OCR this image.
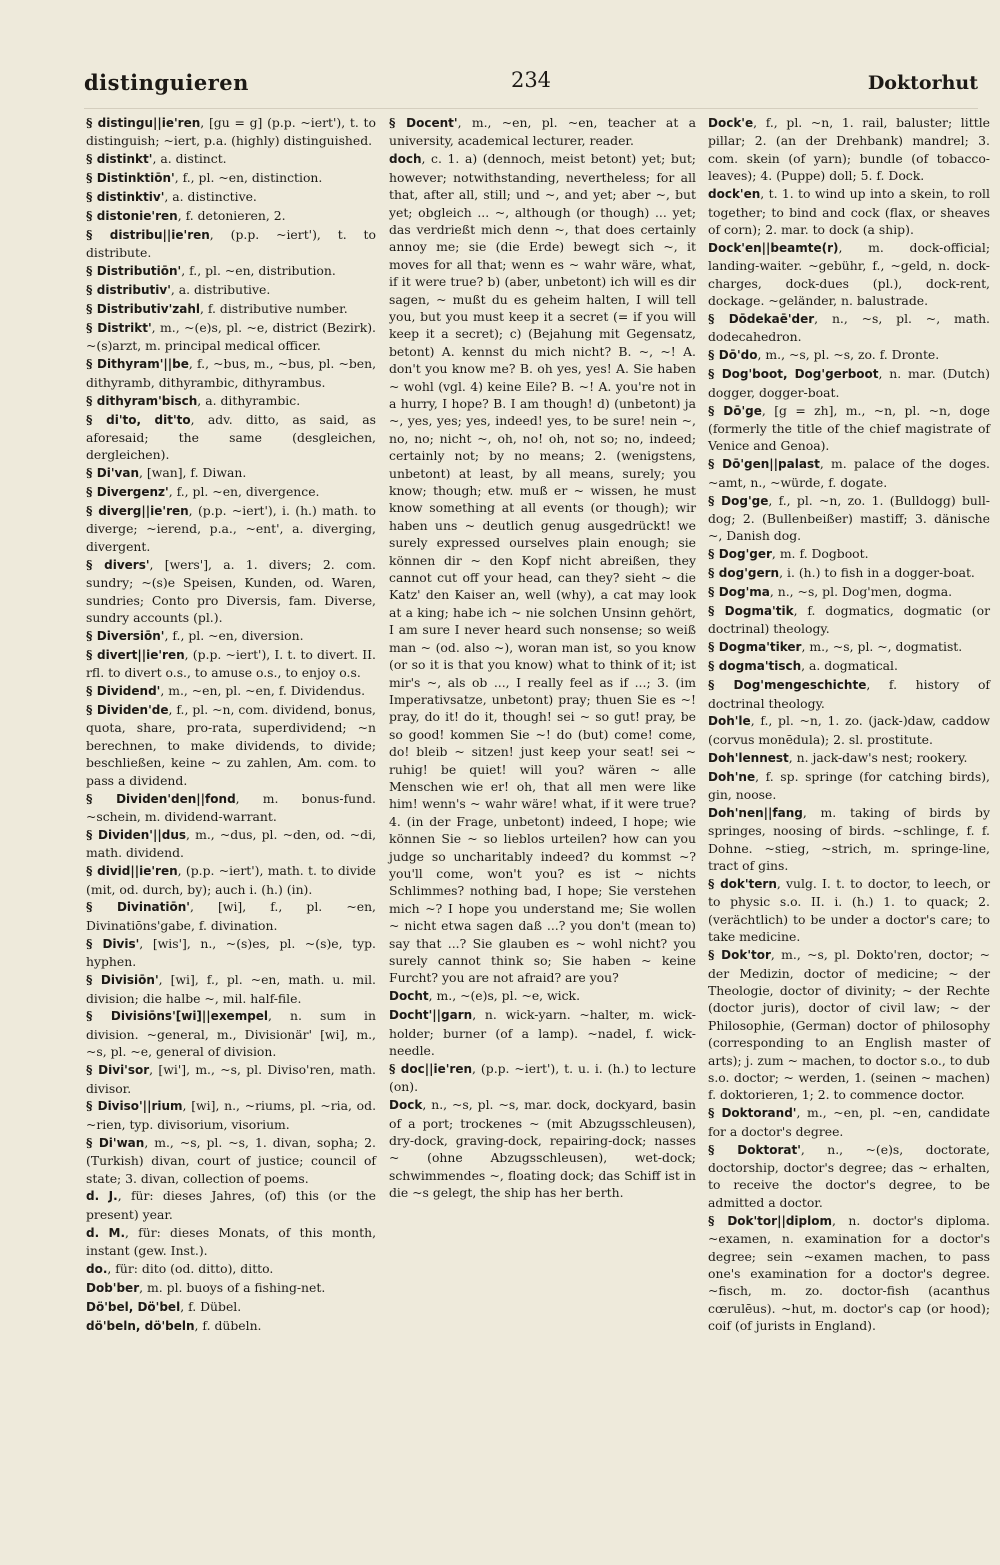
distinguieren	234	Doktorhut
§ distingu||ie'ren, [gu = g] (p.p. ~iert'), t. to distinguish; ~iert, p.a. (highly) distinguished.
§ distinkt', a. distinct.
§ Distinktiōn', f., pl. ~en, distinction.
§ distinktiv', a. distinctive.
§ distonie'ren, f. detonieren, 2.
§ distribu||ie'ren, (p.p. ~iert'), t. to distribute.
§ Distributiōn', f., pl. ~en, distribution.
§ distributiv', a. distributive.
§ Distributiv'zahl, f. distributive number.
§ Distrikt', m., ~(e)s, pl. ~e, district (Bezirk). ~(s)arzt, m. principal medical officer.
§ Dithyram'||be, f., ~bus, m., ~bus, pl. ~ben, dithyramb, dithyrambic, dithyrambus.
§ dithyram'bisch, a. dithyrambic.
§ di'to, dit'to, adv. ditto, as said, as aforesaid; the same (desgleichen, dergleichen).
§ Di'van, [wan], f. Diwan.
§ Divergenz', f., pl. ~en, divergence.
§ diverg||ie'ren, (p.p. ~iert'), i. (h.) math. to diverge; ~ierend, p.a., ~ent', a. diverging, divergent.
§ divers', [wers'], a. 1. divers; 2. com. sundry; ~(s)e Speisen, Kunden, od. Waren, sundries; Conto pro Diversis, fam. Diverse, sundry accounts (pl.).
§ Diversiōn', f., pl. ~en, diversion.
§ divert||ie'ren, (p.p. ~iert'), I. t. to divert. II. rfl. to divert o.s., to amuse o.s., to enjoy o.s.
§ Dividend', m., ~en, pl. ~en, f. Dividendus.
§ Dividen'de, f., pl. ~n, com. dividend, bonus, quota, share, pro-rata, superdividend; ~n berechnen, to make dividends, to divide; beschließen, keine ~ zu zahlen, Am. com. to pass a dividend.
§ Dividen'den||fond, m. bonus-fund. ~schein, m. dividend-warrant.
§ Dividen'||dus, m., ~dus, pl. ~den, od. ~di, math. dividend.
§ divid||ie'ren, (p.p. ~iert'), math. t. to divide (mit, od. durch, by); auch i. (h.) (in).
§ Divinatiōn', [wi], f., pl. ~en, Divinatiōns'gabe, f. divination.
§ Divis', [wis'], n., ~(s)es, pl. ~(s)e, typ. hyphen.
§ Divisiōn', [wi], f., pl. ~en, math. u. mil. division; die halbe ~, mil. half-file.
§ Divisiōns'[wi]||exempel, n. sum in division. ~general, m., Divisionär' [wi], m., ~s, pl. ~e, general of division.
§ Divi'sor, [wi'], m., ~s, pl. Diviso'ren, math. divisor.
§ Diviso'||rium, [wi], n., ~riums, pl. ~ria, od. ~rien, typ. divisorium, visorium.
§ Di'wan, m., ~s, pl. ~s, 1. divan, sopha; 2. (Turkish) divan, court of justice; council of state; 3. divan, collection of poems.
d. J., für: dieses Jahres, (of) this (or the present) year.
d. M., für: dieses Monats, of this month, instant (gew. Inst.).
do., für: dito (od. ditto), ditto.
Dob'ber, m. pl. buoys of a fishing-net.
Dö'bel, Dö'bel, f. Dübel.
dö'beln, dö'beln, f. dübeln.
§ Docent', m., ~en, pl. ~en, teacher at a university, academical lecturer, reader.
doch, c. 1. a) (dennoch, meist betont) yet; but; however; notwithstanding, nevertheless; for all that, after all, still; und ~, and yet; aber ~, but yet; obgleich ... ~, although (or though) ... yet; das verdrießt mich denn ~, that does certainly annoy me; sie (die Erde) bewegt sich ~, it moves for all that; wenn es ~ wahr wäre, what, if it were true? b) (aber, unbetont) ich will es dir sagen, ~ mußt du es geheim halten, I will tell you, but you must keep it a secret (= if you will keep it a secret); c) (Bejahung mit Gegensatz, betont) A. kennst du mich nicht? B. ~, ~! A. don't you know me? B. oh yes, yes! A. Sie haben ~ wohl (vgl. 4) keine Eile? B. ~! A. you're not in a hurry, I hope? B. I am though! d) (unbetont) ja ~, yes, yes; yes, indeed! yes, to be sure! nein ~, no, no; nicht ~, oh, no! oh, not so; no, indeed; certainly not; by no means; 2. (wenigstens, unbetont) at least, by all means, surely; you know; though; etw. muß er ~ wissen, he must know something at all events (or though); wir haben uns ~ deutlich genug ausgedrückt! we surely expressed ourselves plain enough; sie können dir ~ den Kopf nicht abreißen, they cannot cut off your head, can they? sieht ~ die Katz' den Kaiser an, well (why), a cat may look at a king; habe ich ~ nie solchen Unsinn gehört, I am sure I never heard such nonsense; so weiß man ~ (od. also ~), woran man ist, so you know (or so it is that you know) what to think of it; ist mir's ~, als ob ..., I really feel as if ...; 3. (im Imperativsatze, unbetont) pray; thuen Sie es ~! pray, do it! do it, though! sei ~ so gut! pray, be so good! kommen Sie ~! do (but) come! come, do! bleib ~ sitzen! just keep your seat! sei ~ ruhig! be quiet! will you? wären ~ alle Menschen wie er! oh, that all men were like him! wenn's ~ wahr wäre! what, if it were true? 4. (in der Frage, unbetont) indeed, I hope; wie können Sie ~ so lieblos urteilen? how can you judge so uncharitably indeed? du kommst ~? you'll come, won't you? es ist ~ nichts Schlimmes? nothing bad, I hope; Sie verstehen mich ~? I hope you understand me; Sie wollen ~ nicht etwa sagen daß ...? you don't (mean to) say that ...? Sie glauben es ~ wohl nicht? you surely cannot think so; Sie haben ~ keine Furcht? you are not afraid? are you?
Docht, m., ~(e)s, pl. ~e, wick.
Docht'||garn, n. wick-yarn. ~halter, m. wick-holder; burner (of a lamp). ~nadel, f. wick-needle.
§ doc||ie'ren, (p.p. ~iert'), t. u. i. (h.) to lecture (on).
Dock, n., ~s, pl. ~s, mar. dock, dockyard, basin of a port; trockenes ~ (mit Abzugsschleusen), dry-dock, graving-dock, repairing-dock; nasses ~ (ohne Abzugsschleusen), wet-dock; schwimmendes ~, floating dock; das Schiff ist in die ~s gelegt, the ship has her berth.
Dock'e, f., pl. ~n, 1. rail, baluster; little pillar; 2. (an der Drehbank) mandrel; 3. com. skein (of yarn); bundle (of tobacco-leaves); 4. (Puppe) doll; 5. f. Dock.
dock'en, t. 1. to wind up into a skein, to roll together; to bind and cock (flax, or sheaves of corn); 2. mar. to dock (a ship).
Dock'en||beamte(r), m. dock-official; landing-waiter. ~gebühr, f., ~geld, n. dock-charges, dock-dues (pl.), dock-rent, dockage. ~geländer, n. balustrade.
§ Dōdekaē'der, n., ~s, pl. ~, math. dodecahedron.
§ Dō'do, m., ~s, pl. ~s, zo. f. Dronte.
§ Dog'boot, Dog'gerboot, n. mar. (Dutch) dogger, dogger-boat.
§ Dō'ge, [g = zh], m., ~n, pl. ~n, doge (formerly the title of the chief magistrate of Venice and Genoa).
§ Dō'gen||palast, m. palace of the doges. ~amt, n., ~würde, f. dogate.
§ Dog'ge, f., pl. ~n, zo. 1. (Bulldogg) bull-dog; 2. (Bullenbeißer) mastiff; 3. dänische ~, Danish dog.
§ Dog'ger, m. f. Dogboot.
§ dog'gern, i. (h.) to fish in a dogger-boat.
§ Dog'ma, n., ~s, pl. Dog'men, dogma.
§ Dogma'tik, f. dogmatics, dogmatic (or doctrinal) theology.
§ Dogma'tiker, m., ~s, pl. ~, dogmatist.
§ dogma'tisch, a. dogmatical.
§ Dog'mengeschichte, f. history of doctrinal theology.
Doh'le, f., pl. ~n, 1. zo. (jack-)daw, caddow (corvus monēdula); 2. sl. prostitute.
Doh'lennest, n. jack-daw's nest; rookery.
Doh'ne, f. sp. springe (for catching birds), gin, noose.
Doh'nen||fang, m. taking of birds by springes, noosing of birds. ~schlinge, f. f. Dohne. ~stieg, ~strich, m. springe-line, tract of gins.
§ dok'tern, vulg. I. t. to doctor, to leech, or to physic s.o. II. i. (h.) 1. to quack; 2. (verächtlich) to be under a doctor's care; to take medicine.
§ Dok'tor, m., ~s, pl. Dokto'ren, doctor; ~ der Medizin, doctor of medicine; ~ der Theologie, doctor of divinity; ~ der Rechte (doctor juris), doctor of civil law; ~ der Philosophie, (German) doctor of philosophy (corresponding to an English master of arts); j. zum ~ machen, to doctor s.o., to dub s.o. doctor; ~ werden, 1. (seinen ~ machen) f. doktorieren, 1; 2. to commence doctor.
§ Doktorand', m., ~en, pl. ~en, candidate for a doctor's degree.
§ Doktorat', n., ~(e)s, doctorate, doctorship, doctor's degree; das ~ erhalten, to receive the doctor's degree, to be admitted a doctor.
§ Dok'tor||diplom, n. doctor's diploma. ~examen, n. examination for a doctor's degree; sein ~examen machen, to pass one's examination for a doctor's degree. ~fisch, m. zo. doctor-fish (acanthus cœrulēus). ~hut, m. doctor's cap (or hood); coif (of jurists in England).
